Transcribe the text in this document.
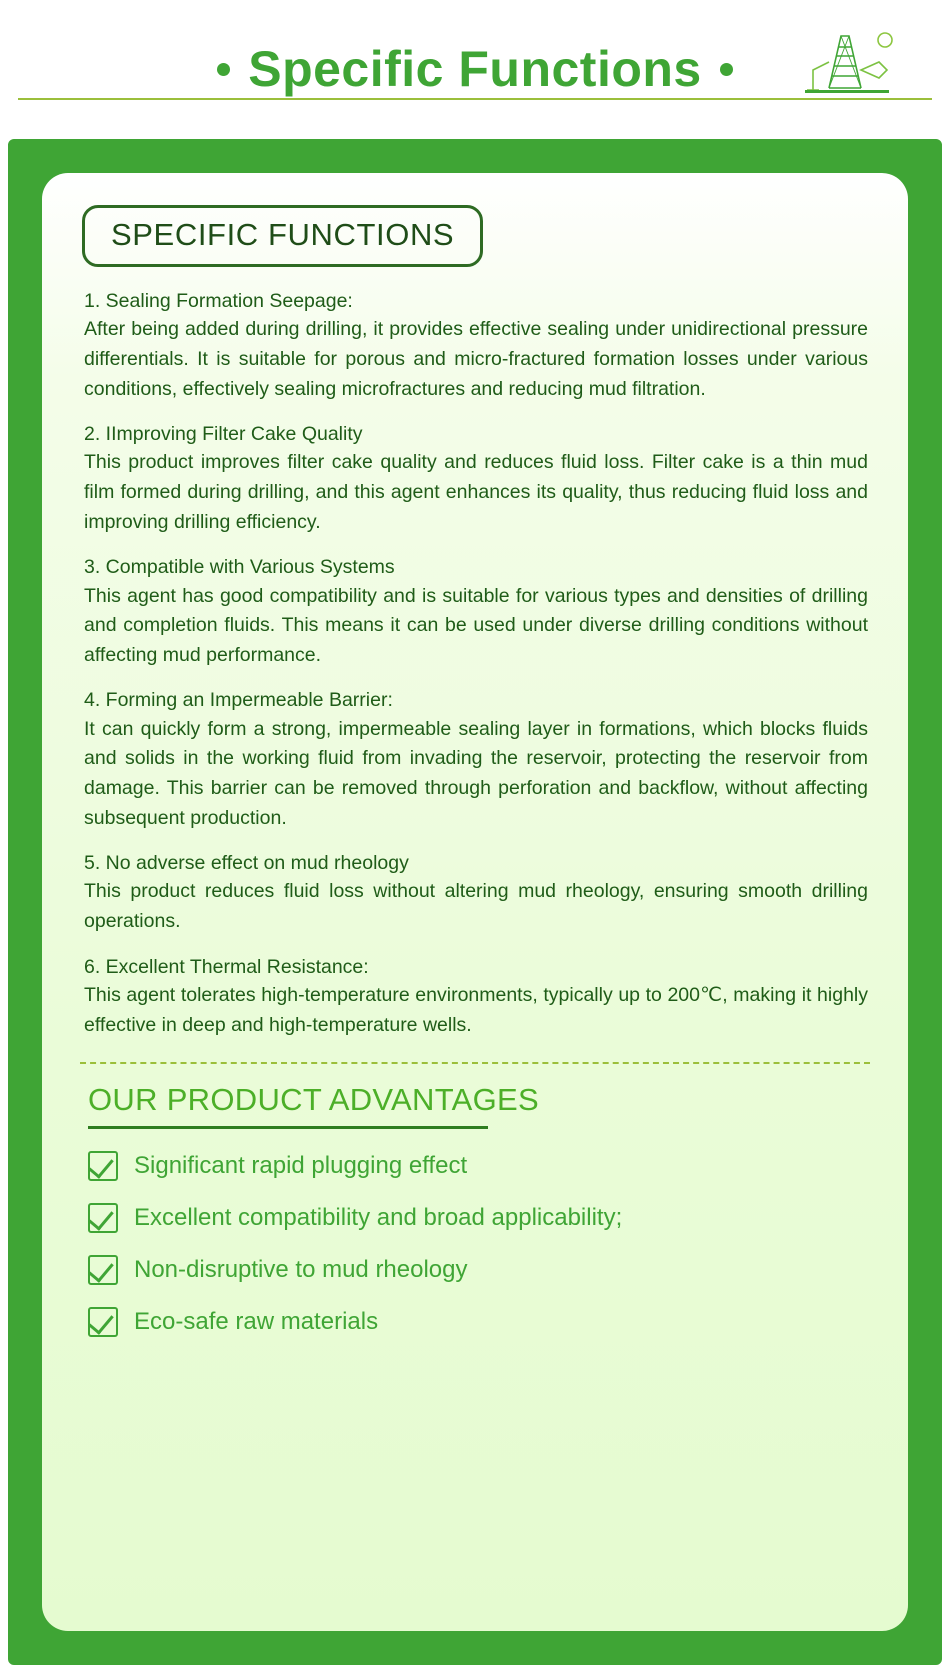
Specific Functions
SPECIFIC FUNCTIONS
1. Sealing Formation Seepage:
After being added during drilling, it provides effective sealing under unidirectional pressure differentials. It is suitable for porous and micro-fractured formation losses under various conditions, effectively sealing microfractures and reducing mud filtration.
2. IImproving Filter Cake Quality
This product improves filter cake quality and reduces fluid loss. Filter cake is a thin mud film formed during drilling, and this agent enhances its quality, thus reducing fluid loss and improving drilling efficiency.
3. Compatible with Various Systems
This agent has good compatibility and is suitable for various types and densities of drilling and completion fluids. This means it can be used under diverse drilling conditions without affecting mud performance.
4. Forming an Impermeable Barrier:
It can quickly form a strong, impermeable sealing layer in formations, which blocks fluids and solids in the working fluid from invading the reservoir, protecting the reservoir from damage. This barrier can be removed through perforation and backflow, without affecting subsequent production.
5. No adverse effect on mud rheology
This product reduces fluid loss without altering mud rheology, ensuring smooth drilling operations.
6. Excellent Thermal Resistance:
This agent tolerates high-temperature environments, typically up to 200℃, making it highly effective in deep and high-temperature wells.
OUR PRODUCT ADVANTAGES
Significant rapid plugging effect
Excellent compatibility and broad applicability;
Non-disruptive to mud rheology
Eco-safe raw materials
